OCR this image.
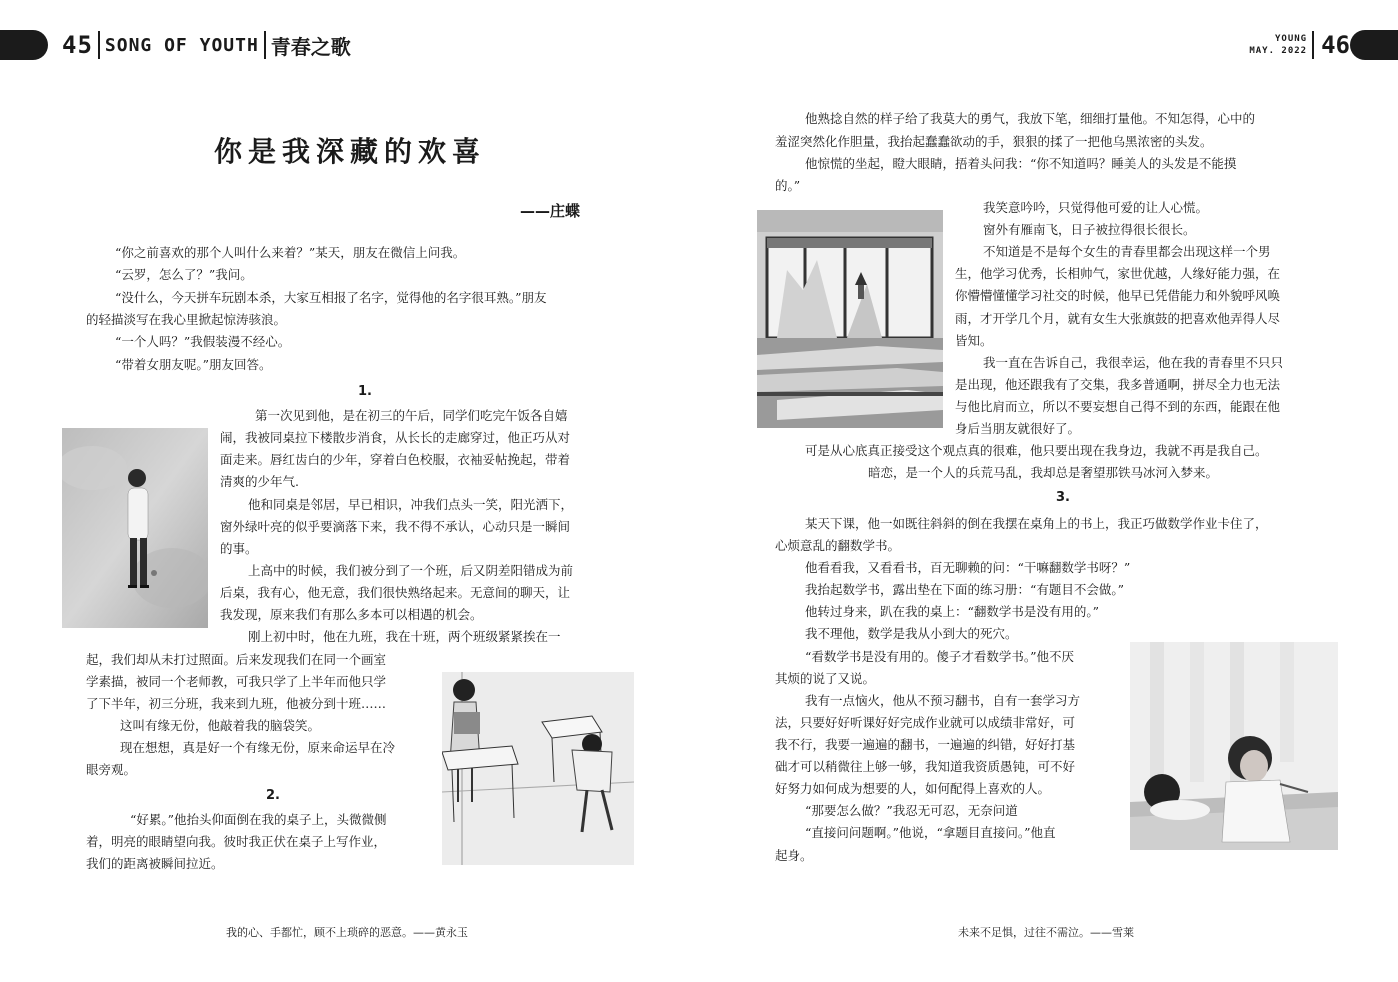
45 SONG OF YOUTH 青春之歌	YOUNG
MAY. 2022 46
你是我深藏的欢喜
——庄蝶
“你之前喜欢的那个人叫什么来着？”某天，朋友在微信上问我。
“云罗，怎么了？”我问。
“没什么，今天拼车玩剧本杀，大家互相报了名字，觉得他的名字很耳熟。”朋友
的轻描淡写在我心里掀起惊涛骇浪。
“一个人吗？”我假装漫不经心。
“带着女朋友呢。”朋友回答。
1.
第一次见到他，是在初三的午后，同学们吃完午饭各自嬉
闹，我被同桌拉下楼散步消食，从长长的走廊穿过，他正巧从对
面走来。唇红齿白的少年，穿着白色校服，衣袖妥帖挽起，带着
清爽的少年气.
他和同桌是邻居，早已相识，冲我们点头一笑，阳光洒下，
窗外绿叶亮的似乎要滴落下来，我不得不承认，心动只是一瞬间
的事。
上高中的时候，我们被分到了一个班，后又阴差阳错成为前
后桌，我有心，他无意，我们很快熟络起来。无意间的聊天，让
我发现，原来我们有那么多本可以相遇的机会。
刚上初中时，他在九班，我在十班，两个班级紧紧挨在一
起，我们却从未打过照面。后来发现我们在同一个画室
学素描，被同一个老师教，可我只学了上半年而他只学
了下半年，初三分班，我来到九班，他被分到十班……
这叫有缘无份，他敲着我的脑袋笑。
现在想想，真是好一个有缘无份，原来命运早在冷
眼旁观。
2.
“好累。”他抬头仰面倒在我的桌子上，头微微侧
着，明亮的眼睛望向我。彼时我正伏在桌子上写作业，
我们的距离被瞬间拉近。
我的心、手都忙，顾不上琐碎的恶意。——黄永玉
他熟捻自然的样子给了我莫大的勇气，我放下笔，细细打量他。不知怎得，心中的
羞涩突然化作胆量，我抬起蠢蠢欲动的手，狠狠的揉了一把他乌黑浓密的头发。
他惊慌的坐起，瞪大眼睛，捂着头问我：“你不知道吗？睡美人的头发是不能摸
的。”
我笑意吟吟，只觉得他可爱的让人心慌。
窗外有雁南飞，日子被拉得很长很长。
不知道是不是每个女生的青春里都会出现这样一个男
生，他学习优秀，长相帅气，家世优越，人缘好能力强，在
你懵懵懂懂学习社交的时候，他早已凭借能力和外貌呼风唤
雨，才开学几个月，就有女生大张旗鼓的把喜欢他弄得人尽
皆知。
我一直在告诉自己，我很幸运，他在我的青春里不只只
是出现，他还跟我有了交集，我多普通啊，拼尽全力也无法
与他比肩而立，所以不要妄想自己得不到的东西，能跟在他
身后当朋友就很好了。
可是从心底真正接受这个观点真的很难，他只要出现在我身边，我就不再是我自己。
暗恋，是一个人的兵荒马乱，我却总是奢望那铁马冰河入梦来。
3.
某天下课，他一如既往斜斜的倒在我摆在桌角上的书上，我正巧做数学作业卡住了，
心烦意乱的翻数学书。
他看看我，又看看书，百无聊赖的问：“干嘛翻数学书呀？”
我抬起数学书，露出垫在下面的练习册：“有题目不会做。”
他转过身来，趴在我的桌上：“翻数学书是没有用的。”
我不理他，数学是我从小到大的死穴。
“看数学书是没有用的。傻子才看数学书。”他不厌
其烦的说了又说。
我有一点恼火，他从不预习翻书，自有一套学习方
法，只要好好听课好好完成作业就可以成绩非常好，可
我不行，我要一遍遍的翻书，一遍遍的纠错，好好打基
础才可以稍微往上够一够，我知道我资质愚钝，可不好
好努力如何成为想要的人，如何配得上喜欢的人。
“那要怎么做？”我忍无可忍，无奈问道
“直接问问题啊。”他说，“拿题目直接问。”他直
起身。
未来不足惧，过往不需泣。——雪莱
